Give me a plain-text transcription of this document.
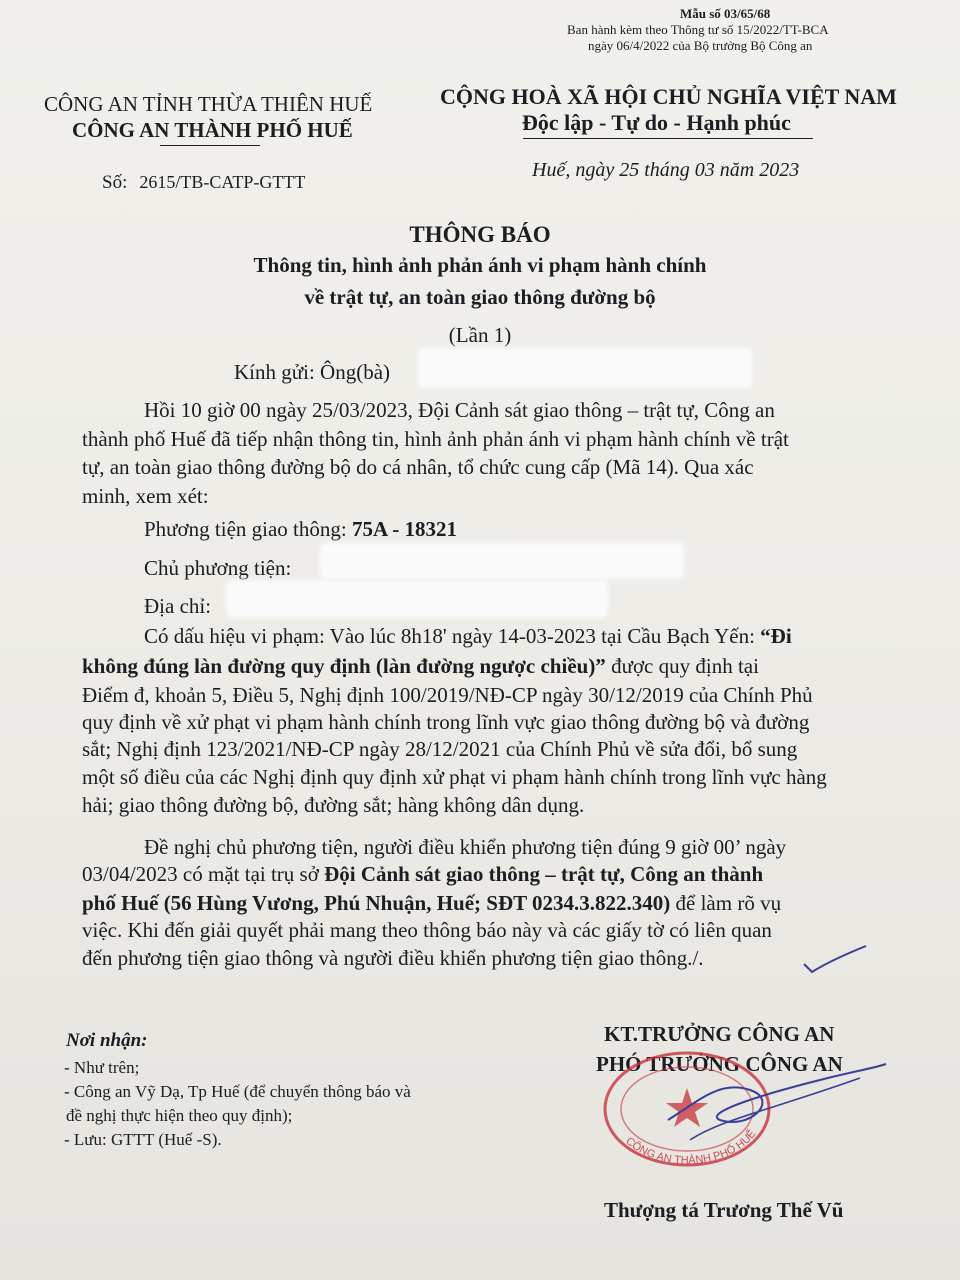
Mẫu số 03/65/68
Ban hành kèm theo Thông tư số 15/2022/TT-BCA
ngày 06/4/2022 của Bộ trưởng Bộ Công an
CÔNG AN TỈNH THỪA THIÊN HUẾ
CÔNG AN THÀNH PHỐ HUẾ
CỘNG HOÀ XÃ HỘI CHỦ NGHĨA VIỆT NAM
Độc lập - Tự do - Hạnh phúc
Số: 2615/TB-CATP-GTTT
Huế, ngày 25 tháng 03 năm 2023
THÔNG BÁO
Thông tin, hình ảnh phản ánh vi phạm hành chính
về trật tự, an toàn giao thông đường bộ
(Lần 1)
Kính gửi: Ông(bà)
Hồi 10 giờ 00 ngày 25/03/2023, Đội Cảnh sát giao thông – trật tự, Công an
thành phố Huế đã tiếp nhận thông tin, hình ảnh phản ánh vi phạm hành chính về trật
tự, an toàn giao thông đường bộ do cá nhân, tổ chức cung cấp (Mã 14). Qua xác
minh, xem xét:
Phương tiện giao thông: 75A - 18321
Chủ phương tiện:
Địa chỉ:
Có dấu hiệu vi phạm: Vào lúc 8h18' ngày 14-03-2023 tại Cầu Bạch Yến: “Đi
không đúng làn đường quy định (làn đường ngược chiều)” được quy định tại
Điểm đ, khoản 5, Điều 5, Nghị định 100/2019/NĐ-CP ngày 30/12/2019 của Chính Phủ
quy định về xử phạt vi phạm hành chính trong lĩnh vực giao thông đường bộ và đường
sắt; Nghị định 123/2021/NĐ-CP ngày 28/12/2021 của Chính Phủ về sửa đổi, bổ sung
một số điều của các Nghị định quy định xử phạt vi phạm hành chính trong lĩnh vực hàng
hải; giao thông đường bộ, đường sắt; hàng không dân dụng.
Đề nghị chủ phương tiện, người điều khiển phương tiện đúng 9 giờ 00’ ngày
03/04/2023 có mặt tại trụ sở Đội Cảnh sát giao thông – trật tự, Công an thành
phố Huế (56 Hùng Vương, Phú Nhuận, Huế; SĐT 0234.3.822.340) để làm rõ vụ
việc. Khi đến giải quyết phải mang theo thông báo này và các giấy tờ có liên quan
đến phương tiện giao thông và người điều khiển phương tiện giao thông./.
Nơi nhận:
- Như trên;
- Công an Vỹ Dạ, Tp Huế (để chuyển thông báo và
đề nghị thực hiện theo quy định);
- Lưu: GTTT (Huế -S).
KT.TRƯỞNG CÔNG AN
PHÓ TRƯỞNG CÔNG AN
CÔNG AN THÀNH PHỐ HUẾ
Thượng tá Trương Thế Vũ
